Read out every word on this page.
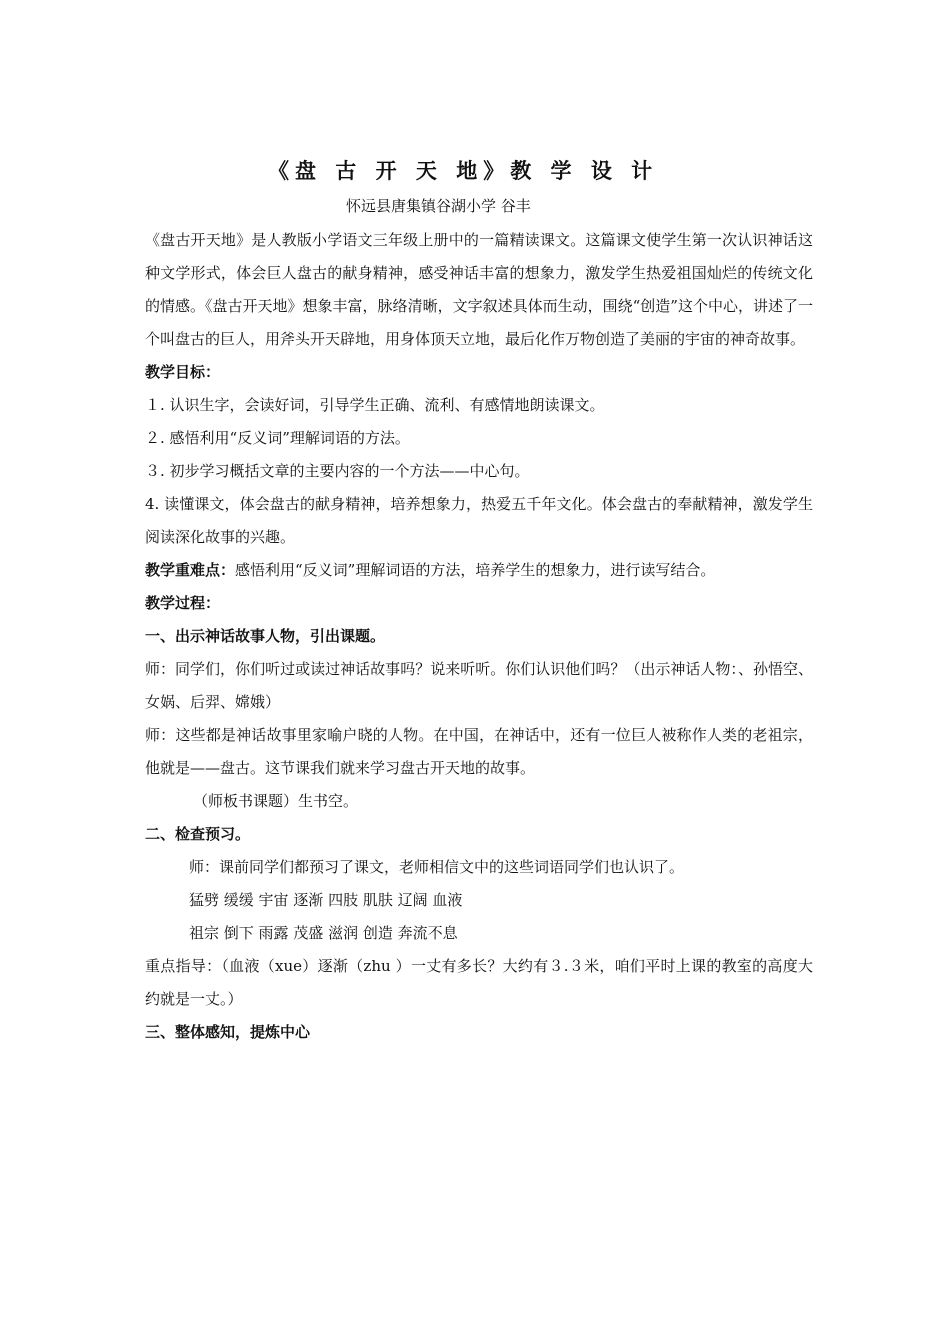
《盘 古 开 天 地》教 学 设 计
怀远县唐集镇谷湖小学 谷丰

《盘古开天地》是人教版小学语文三年级上册中的一篇精读课文。这篇课文使学生第一次认识神话这种文学形式，体会巨人盘古的献身精神，感受神话丰富的想象力，激发学生热爱祖国灿烂的传统文化的情感。《盘古开天地》想象丰富，脉络清晰，文字叙述具体而生动，围绕“创造”这个中心，讲述了一个叫盘古的巨人，用斧头开天辟地，用身体顶天立地，最后化作万物创造了美丽的宇宙的神奇故事。

教学目标：

１. 认识生字，会读好词，引导学生正确、流利、有感情地朗读课文。

２. 感悟利用“反义词”理解词语的方法。

３. 初步学习概括文章的主要内容的一个方法——中心句。

4. 读懂课文，体会盘古的献身精神，培养想象力，热爱五千年文化。体会盘古的奉献精神，激发学生阅读深化故事的兴趣。

教学重难点：感悟利用“反义词”理解词语的方法，培养学生的想象力，进行读写结合。

教学过程：

一、出示神话故事人物，引出课题。

师：同学们，你们听过或读过神话故事吗？说来听听。你们认识他们吗？（出示神话人物：、孙悟空、女娲、后羿、嫦娥）

师：这些都是神话故事里家喻户晓的人物。在中国，在神话中，还有一位巨人被称作人类的老祖宗，他就是——盘古。这节课我们就来学习盘古开天地的故事。

（师板书课题）生书空。

二、检查预习。

师：课前同学们都预习了课文，老师相信文中的这些词语同学们也认识了。

猛劈 缓缓 宇宙 逐渐 四肢 肌肤 辽阔 血液

祖宗 倒下 雨露 茂盛 滋润 创造 奔流不息

重点指导：（血液（xue）逐渐（zhu ）一丈有多长？大约有３.３米，咱们平时上课的教室的高度大约就是一丈。）

三、整体感知，提炼中心
